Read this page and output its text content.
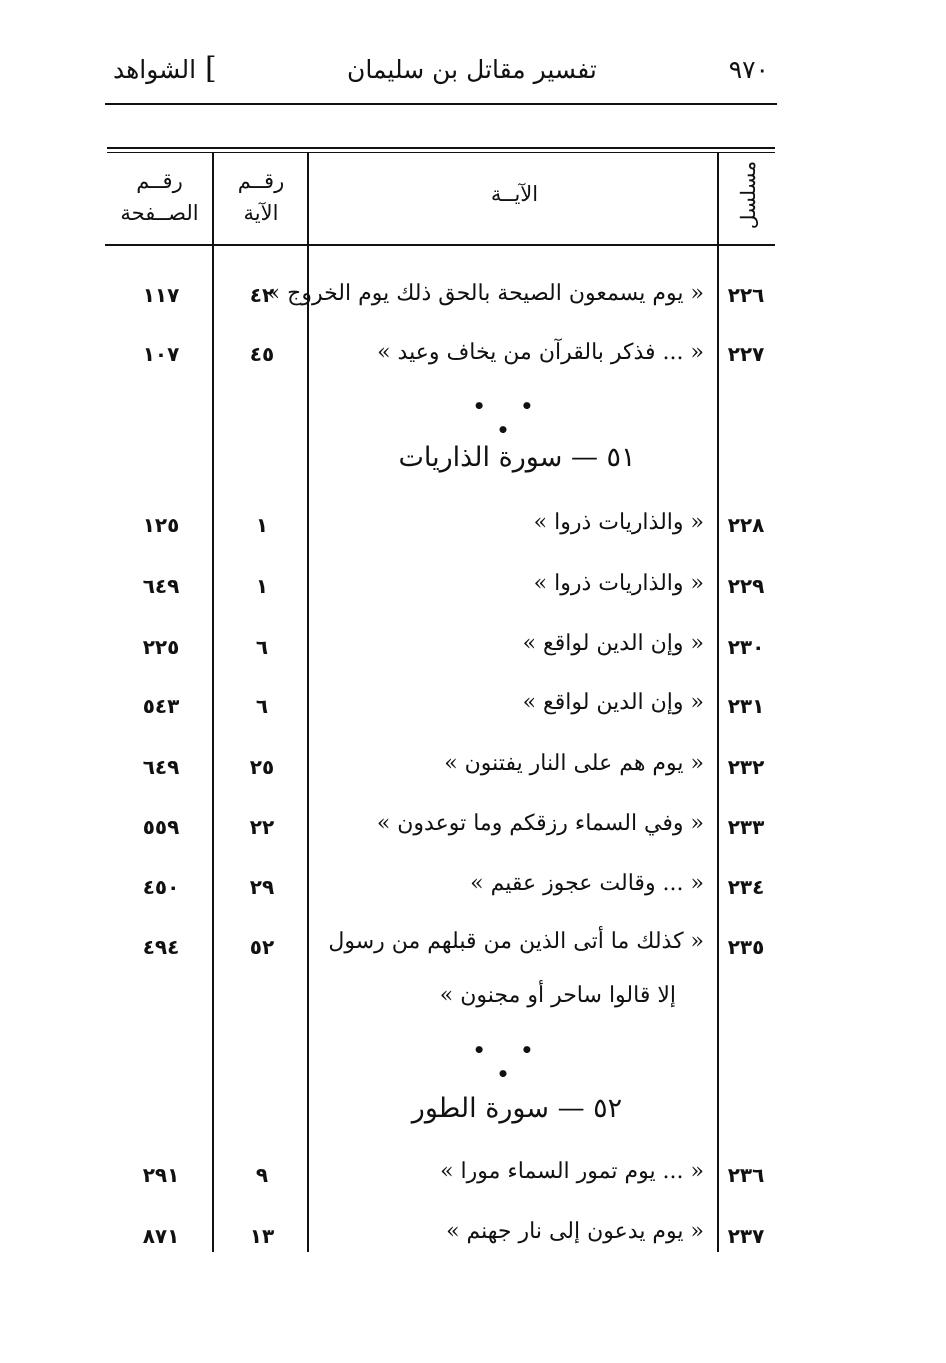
٩٧٠
تفسير مقاتل بن سليمان
[
الشواهد
مسلسل
الآيــة
رقــم
الآية
رقــم
الصــفحة
٢٢٦
« يوم يسمعون الصيحة بالحق ذلك يوم الخروج »
٤٢
١١٧
٢٢٧
« ... فذكر بالقرآن من يخاف وعيد »
٤٥
١٠٧
• • •
٥١ — سورة الذاريات
٢٢٨
« والذاريات ذروا »
١
١٢٥
٢٢٩
« والذاريات ذروا »
١
٦٤٩
٢٣٠
« وإن الدين لواقع »
٦
٢٢٥
٢٣١
« وإن الدين لواقع »
٦
٥٤٣
٢٣٢
« يوم هم على النار يفتنون »
٢٥
٦٤٩
٢٣٣
« وفي السماء رزقكم وما توعدون »
٢٢
٥٥٩
٢٣٤
« ... وقالت عجوز عقيم »
٢٩
٤٥٠
٢٣٥
« كذلك ما أتى الذين من قبلهم من رسول
إلا قالوا ساحر أو مجنون »
٥٢
٤٩٤
• • •
٥٢ — سورة الطور
٢٣٦
« ... يوم تمور السماء مورا »
٩
٢٩١
٢٣٧
« يوم يدعون إلى نار جهنم »
١٣
٨٧١
